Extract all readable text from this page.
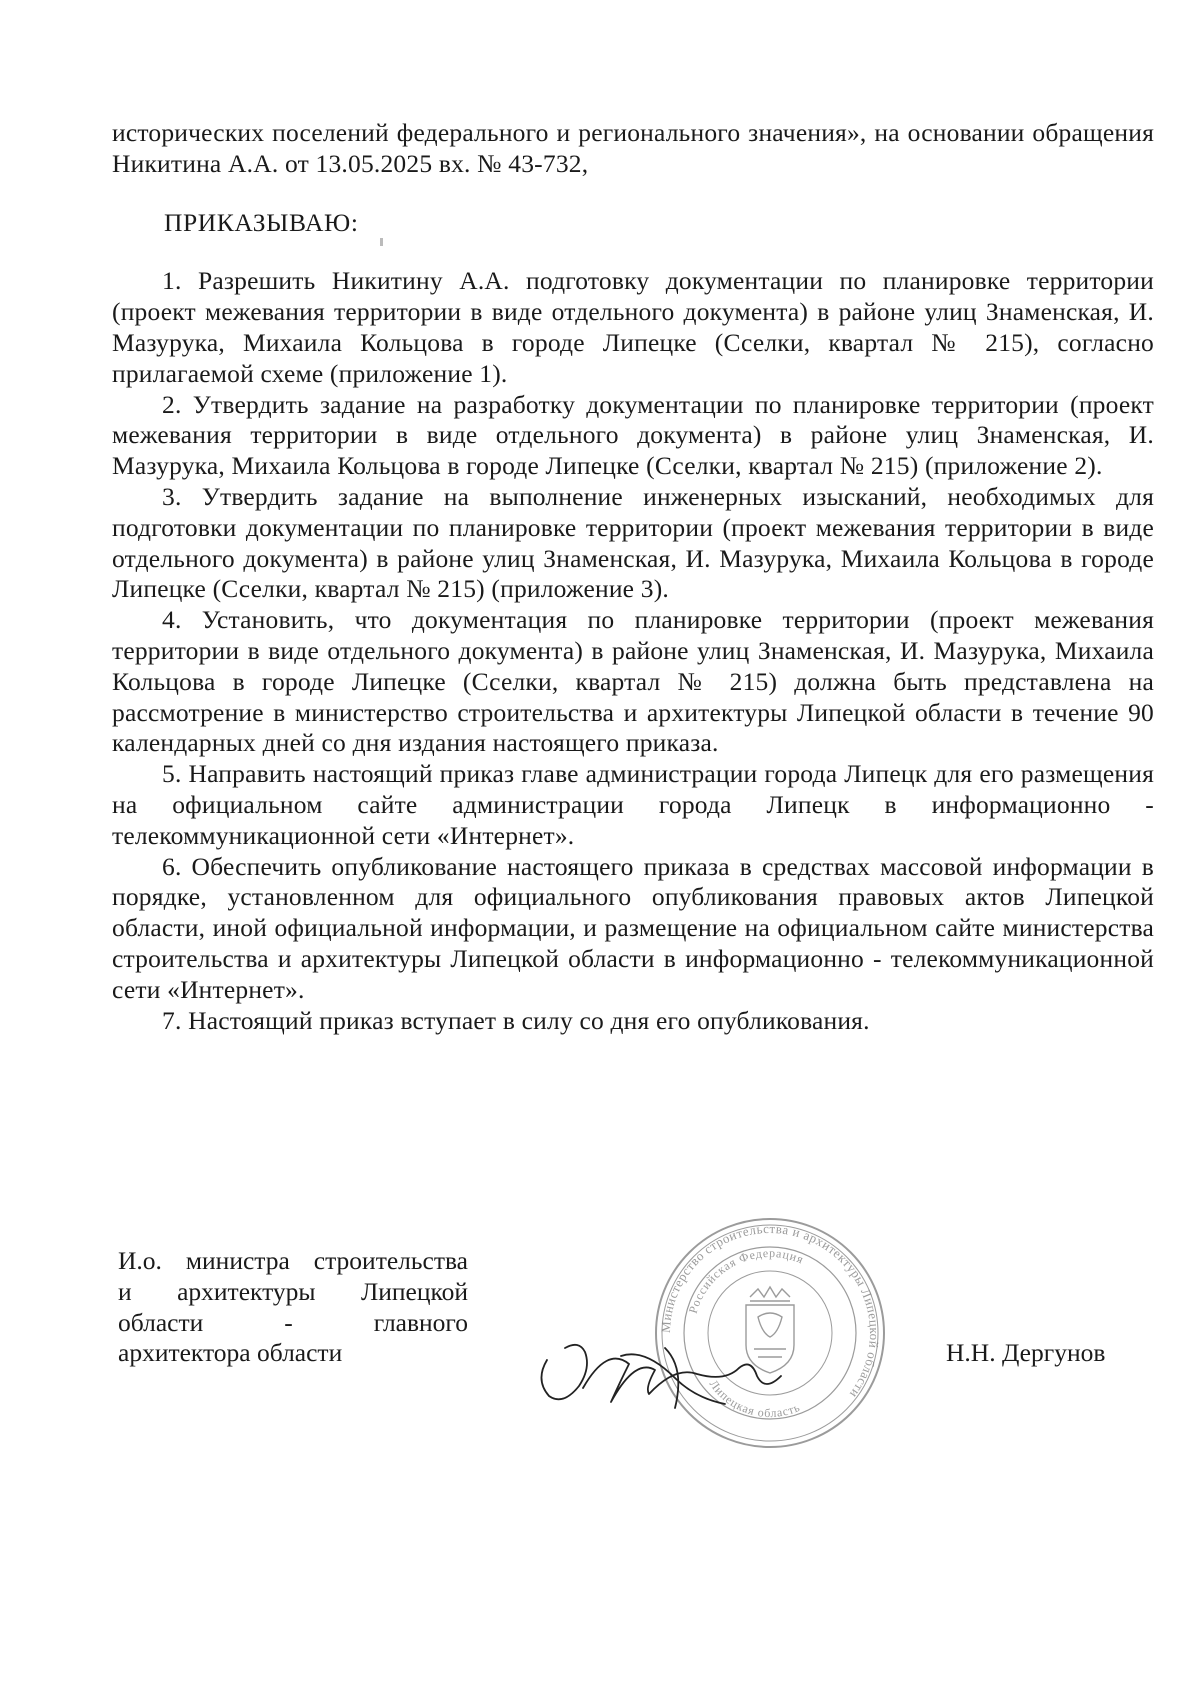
исторических поселений федерального и регионального значения», на основании обращения Никитина А.А. от 13.05.2025 вх. № 43-732,

ПРИКАЗЫВАЮ:

1. Разрешить Никитину А.А. подготовку документации по планировке территории (проект межевания территории в виде отдельного документа) в районе улиц Знаменская, И. Мазурука, Михаила Кольцова в городе Липецке (Сселки, квартал № 215), согласно прилагаемой схеме (приложение 1).

2. Утвердить задание на разработку документации по планировке территории (проект межевания территории в виде отдельного документа) в районе улиц Знаменская, И. Мазурука, Михаила Кольцова в городе Липецке (Сселки, квартал № 215) (приложение 2).

3. Утвердить задание на выполнение инженерных изысканий, необходимых для подготовки документации по планировке территории (проект межевания территории в виде отдельного документа) в районе улиц Знаменская, И. Мазурука, Михаила Кольцова в городе Липецке (Сселки, квартал № 215) (приложение 3).

4. Установить, что документация по планировке территории (проект межевания территории в виде отдельного документа) в районе улиц Знаменская, И. Мазурука, Михаила Кольцова в городе Липецке (Сселки, квартал № 215) должна быть представлена на рассмотрение в министерство строительства и архитектуры Липецкой области в течение 90 календарных дней со дня издания настоящего приказа.

5. Направить настоящий приказ главе администрации города Липецк для его размещения на официальном сайте администрации города Липецк в информационно - телекоммуникационной сети «Интернет».

6. Обеспечить опубликование настоящего приказа в средствах массовой информации в порядке, установленном для официального опубликования правовых актов Липецкой области, иной официальной информации, и размещение на официальном сайте министерства строительства и архитектуры Липецкой области в информационно - телекоммуникационной сети «Интернет».

7. Настоящий приказ вступает в силу со дня его опубликования.

И.о. министра строительства
и архитектуры Липецкой
области - главного
архитектора области
Министерство строительства и архитектуры Липецкой области
Российская Федерация
Липецкая область
Н.Н. Дергунов
